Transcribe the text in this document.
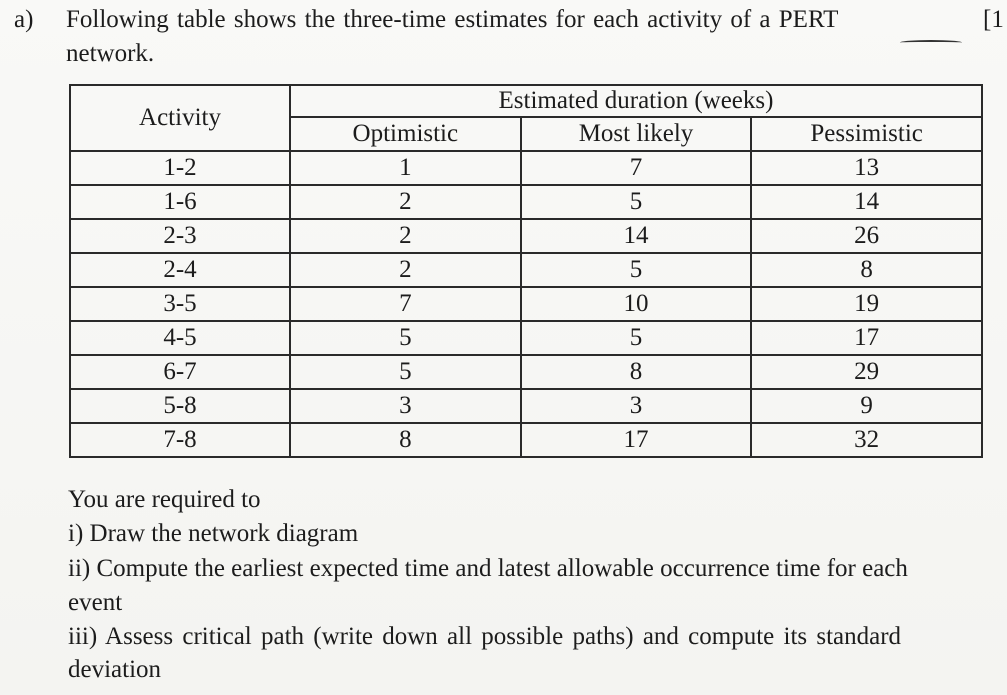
a) Following table shows the three-time estimates for each activity of a PERT	[1
network.
Activity	Estimated duration (weeks)		
	Optimistic	Most likely	Pessimistic
1-2	1	7	13
1-6	2	5	14
2-3	2	14	26
2-4	2	5	8
3-5	7	10	19
4-5	5	5	17
6-7	5	8	29
5-8	3	3	9
7-8	8	17	32
You are required to
i) Draw the network diagram
ii) Compute the earliest expected time and latest allowable occurrence time for each
event
iii) Assess critical path (write down all possible paths) and compute its standard
deviation
